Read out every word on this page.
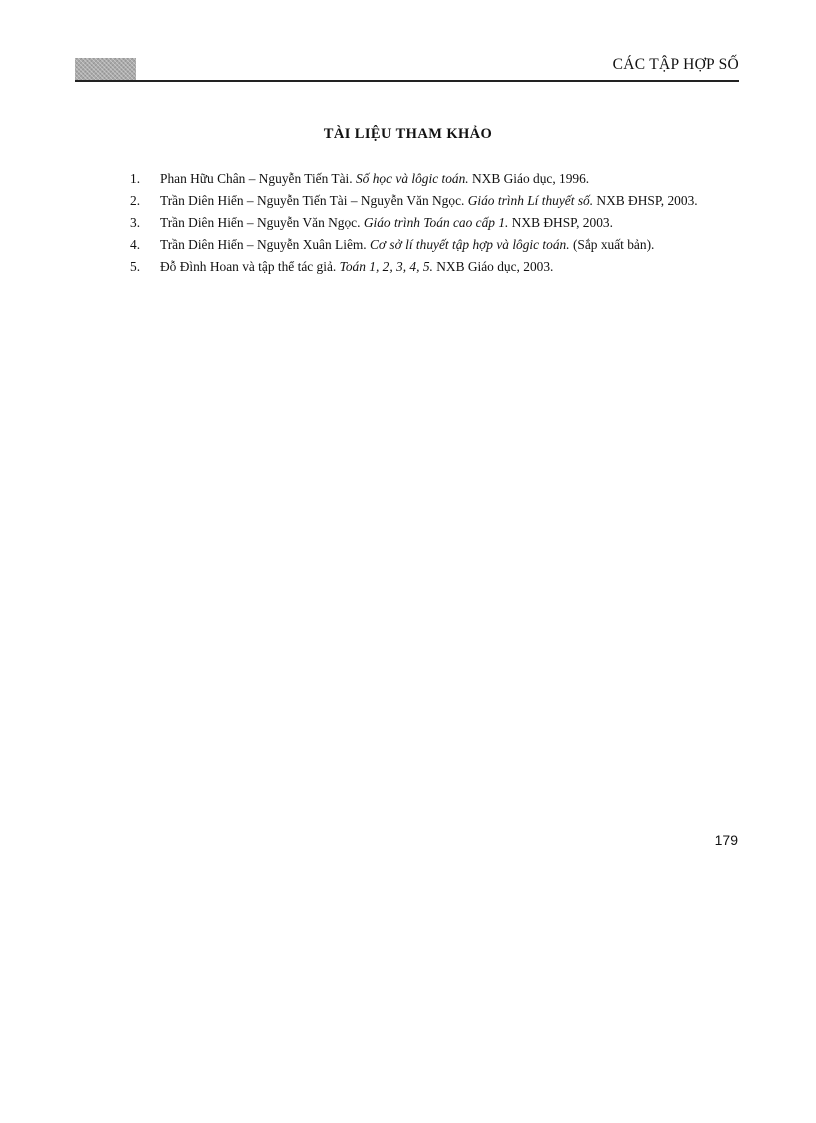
CÁC TẬP HỢP SỐ
TÀI LIỆU THAM KHẢO
1. Phan Hữu Chân – Nguyễn Tiến Tài. Số học và lôgic toán. NXB Giáo dục, 1996.
2. Trần Diên Hiển – Nguyễn Tiến Tài – Nguyễn Văn Ngọc. Giáo trình Lí thuyết số. NXB ĐHSP, 2003.
3. Trần Diên Hiển – Nguyễn Văn Ngọc. Giáo trình Toán cao cấp 1. NXB ĐHSP, 2003.
4. Trần Diên Hiển – Nguyễn Xuân Liêm. Cơ sở lí thuyết tập hợp và lôgic toán. (Sắp xuất bản).
5. Đỗ Đình Hoan và tập thể tác giả. Toán 1, 2, 3, 4, 5. NXB Giáo dục, 2003.
179
